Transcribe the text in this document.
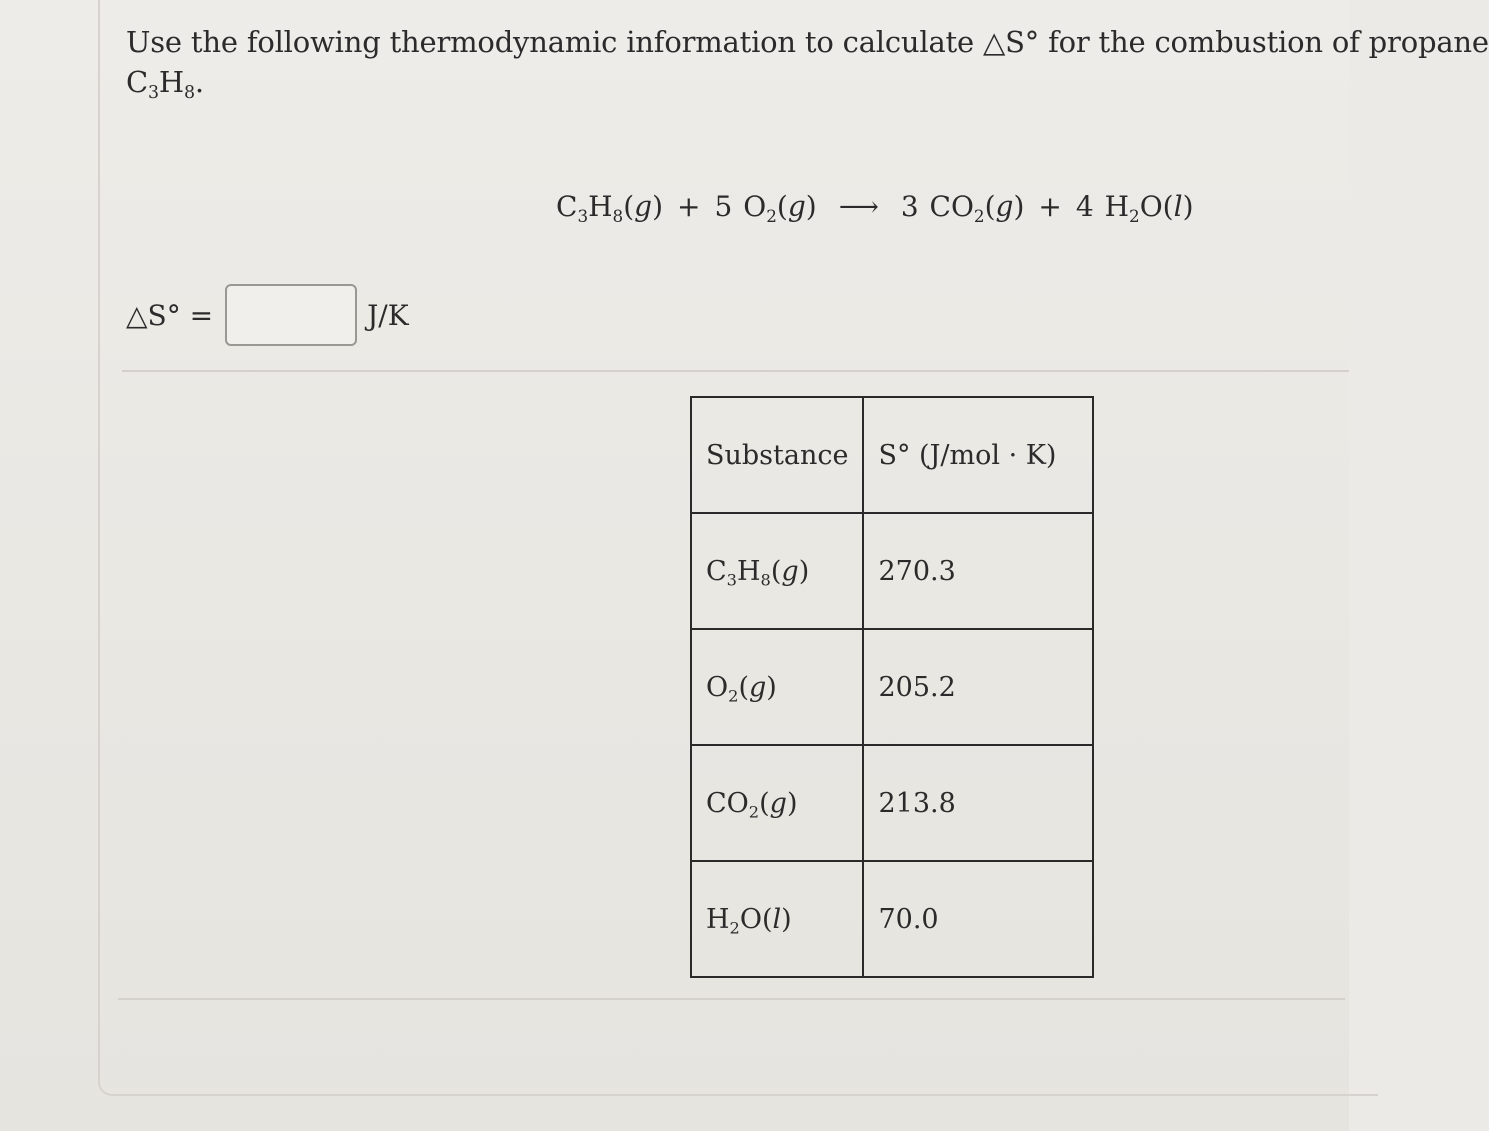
Use the following thermodynamic information to calculate △S° for the combustion of propane
$C_3H_8$.
$C_3H_8(g) + 5$ $O_2(g)$ ⟶ 3 $CO_2(g) + 4$ $H_2O(l)$
△S° =	J/K
Substance	S° (J/mol · K)
$C_3H_8(g)$	270.3
$O_2(g)$	205.2
$CO_2(g)$	213.8
$H_2O(l)$	70.0
